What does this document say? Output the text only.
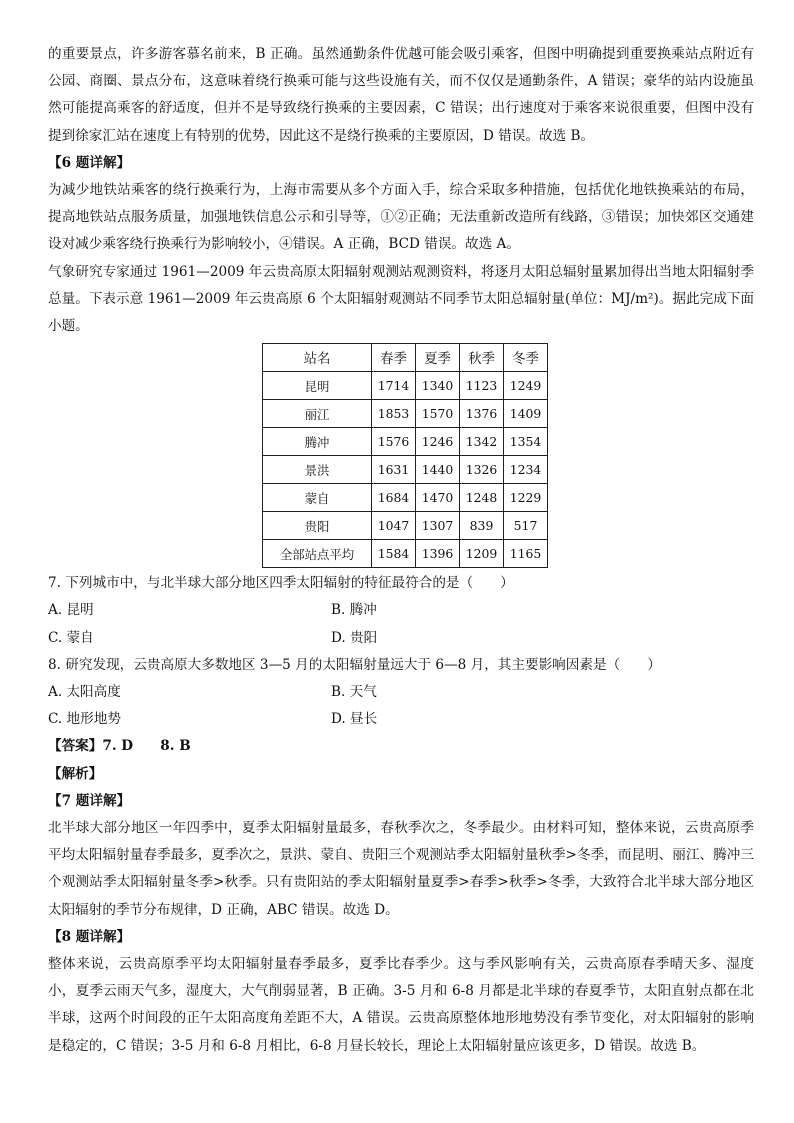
的重要景点，许多游客慕名前来，B 正确。虽然通勤条件优越可能会吸引乘客，但图中明确提到重要换乘站点附近有公园、商圈、景点分布，这意味着绕行换乘可能与这些设施有关，而不仅仅是通勤条件，A 错误；豪华的站内设施虽然可能提高乘客的舒适度，但并不是导致绕行换乘的主要因素，C 错误；出行速度对于乘客来说很重要，但图中没有提到徐家汇站在速度上有特别的优势，因此这不是绕行换乘的主要原因，D 错误。故选 B。

【6 题详解】

为减少地铁站乘客的绕行换乘行为，上海市需要从多个方面入手，综合采取多种措施，包括优化地铁换乘站的布局，提高地铁站点服务质量，加强地铁信息公示和引导等，①②正确；无法重新改造所有线路，③错误；加快郊区交通建设对减少乘客绕行换乘行为影响较小，④错误。A 正确，BCD 错误。故选 A。

气象研究专家通过 1961—2009 年云贵高原太阳辐射观测站观测资料，将逐月太阳总辐射量累加得出当地太阳辐射季总量。下表示意 1961—2009 年云贵高原 6 个太阳辐射观测站不同季节太阳总辐射量(单位：MJ/m²)。据此完成下面小题。

站名	春季	夏季	秋季	冬季
昆明	1714	1340	1123	1249
丽江	1853	1570	1376	1409
腾冲	1576	1246	1342	1354
景洪	1631	1440	1326	1234
蒙自	1684	1470	1248	1229
贵阳	1047	1307	839	517
全部站点平均	1584	1396	1209	1165

7. 下列城市中，与北半球大部分地区四季太阳辐射的特征最符合的是（　　）

A. 昆明	B. 腾冲
C. 蒙自	D. 贵阳

8. 研究发现，云贵高原大多数地区 3—5 月的太阳辐射量远大于 6—8 月，其主要影响因素是（　　）

A. 太阳高度	B. 天气
C. 地形地势	D. 昼长

【答案】7. D　　8. B

【解析】

【7 题详解】

北半球大部分地区一年四季中，夏季太阳辐射量最多，春秋季次之，冬季最少。由材料可知，整体来说，云贵高原季平均太阳辐射量春季最多，夏季次之，景洪、蒙自、贵阳三个观测站季太阳辐射量秋季>冬季，而昆明、丽江、腾冲三个观测站季太阳辐射量冬季>秋季。只有贵阳站的季太阳辐射量夏季>春季>秋季>冬季，大致符合北半球大部分地区太阳辐射的季节分布规律，D 正确，ABC 错误。故选 D。

【8 题详解】

整体来说，云贵高原季平均太阳辐射量春季最多，夏季比春季少。这与季风影响有关，云贵高原春季晴天多、湿度小，夏季云雨天气多，湿度大，大气削弱显著，B 正确。3-5 月和 6-8 月都是北半球的春夏季节，太阳直射点都在北半球，这两个时间段的正午太阳高度角差距不大，A 错误。云贵高原整体地形地势没有季节变化，对太阳辐射的影响是稳定的，C 错误；3-5 月和 6-8 月相比，6-8 月昼长较长，理论上太阳辐射量应该更多，D 错误。故选 B。
